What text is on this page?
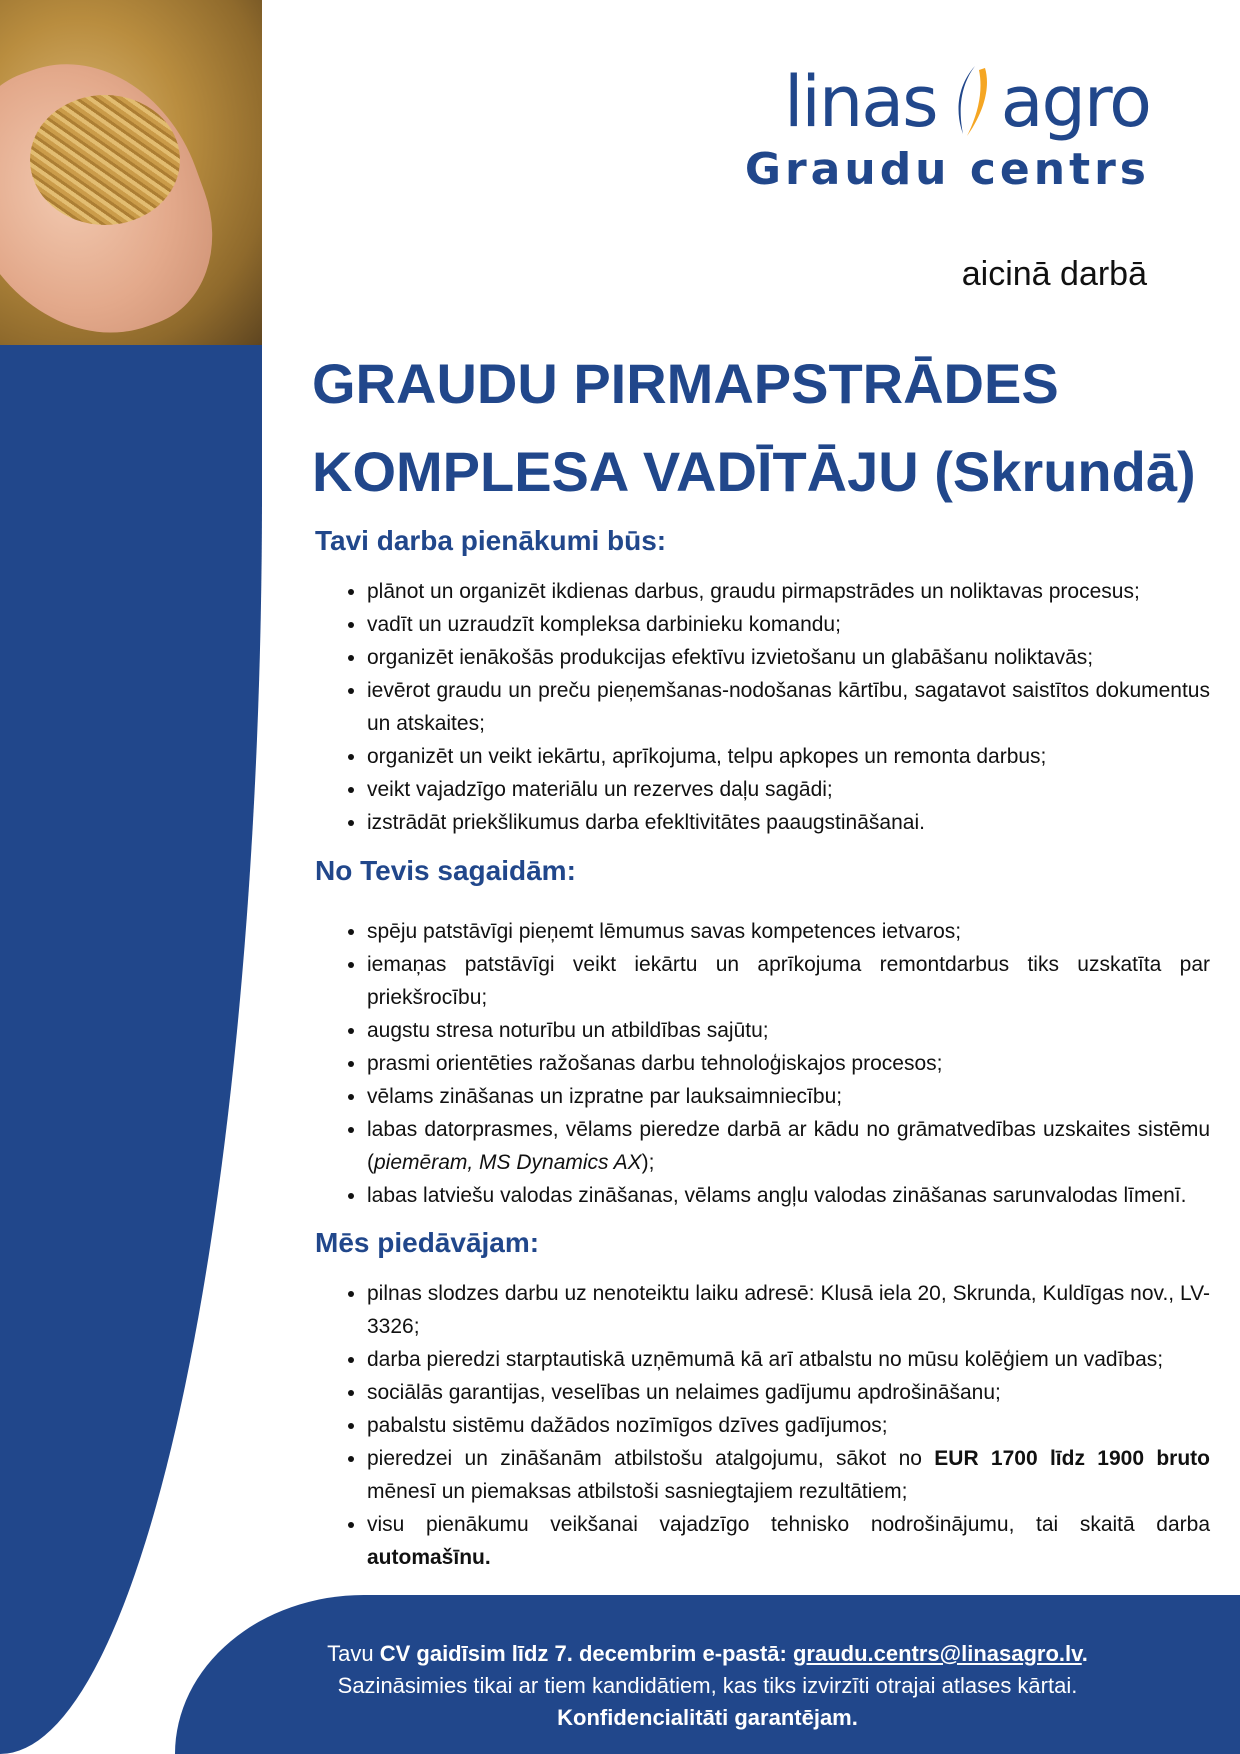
linas agro
Graudu centrs
aicinā darbā
GRAUDU PIRMAPSTRĀDES
KOMPLESA VADĪTĀJU (Skrundā)
Tavi darba pienākumi būs:
• plānot un organizēt ikdienas darbus, graudu pirmapstrādes un noliktavas procesus;
• vadīt un uzraudzīt kompleksa darbinieku komandu;
• organizēt ienākošās produkcijas efektīvu izvietošanu un glabāšanu noliktavās;
• ievērot graudu un preču pieņemšanas-nodošanas kārtību, sagatavot saistītos dokumentus un atskaites;
• organizēt un veikt iekārtu, aprīkojuma, telpu apkopes un remonta darbus;
• veikt vajadzīgo materiālu un rezerves daļu sagādi;
• izstrādāt priekšlikumus darba efekltivitātes paaugstināšanai.
No Tevis sagaidām:
• spēju patstāvīgi pieņemt lēmumus savas kompetences ietvaros;
• iemaņas patstāvīgi veikt iekārtu un aprīkojuma remontdarbus tiks uzskatīta par priekšrocību;
• augstu stresa noturību un atbildības sajūtu;
• prasmi orientēties ražošanas darbu tehnoloģiskajos procesos;
• vēlams zināšanas un izpratne par lauksaimniecību;
• labas datorprasmes, vēlams pieredze darbā ar kādu no grāmatvedības uzskaites sistēmu (piemēram, MS Dynamics AX);
• labas latviešu valodas zināšanas, vēlams angļu valodas zināšanas sarunvalodas līmenī.
Mēs piedāvājam:
• pilnas slodzes darbu uz nenoteiktu laiku adresē: Klusā iela 20, Skrunda, Kuldīgas nov., LV-3326;
• darba pieredzi starptautiskā uzņēmumā kā arī atbalstu no mūsu kolēģiem un vadības;
• sociālās garantijas, veselības un nelaimes gadījumu apdrošināšanu;
• pabalstu sistēmu dažādos nozīmīgos dzīves gadījumos;
• pieredzei un zināšanām atbilstošu atalgojumu, sākot no EUR 1700 līdz 1900 bruto mēnesī un piemaksas atbilstoši sasniegtajiem rezultātiem;
• visu pienākumu veikšanai vajadzīgo tehnisko nodrošinājumu, tai skaitā darba automašīnu.
Tavu CV gaidīsim līdz 7. decembrim e-pastā: graudu.centrs@linasagro.lv.
Sazināsimies tikai ar tiem kandidātiem, kas tiks izvirzīti otrajai atlases kārtai.
Konfidencialitāti garantējam.
